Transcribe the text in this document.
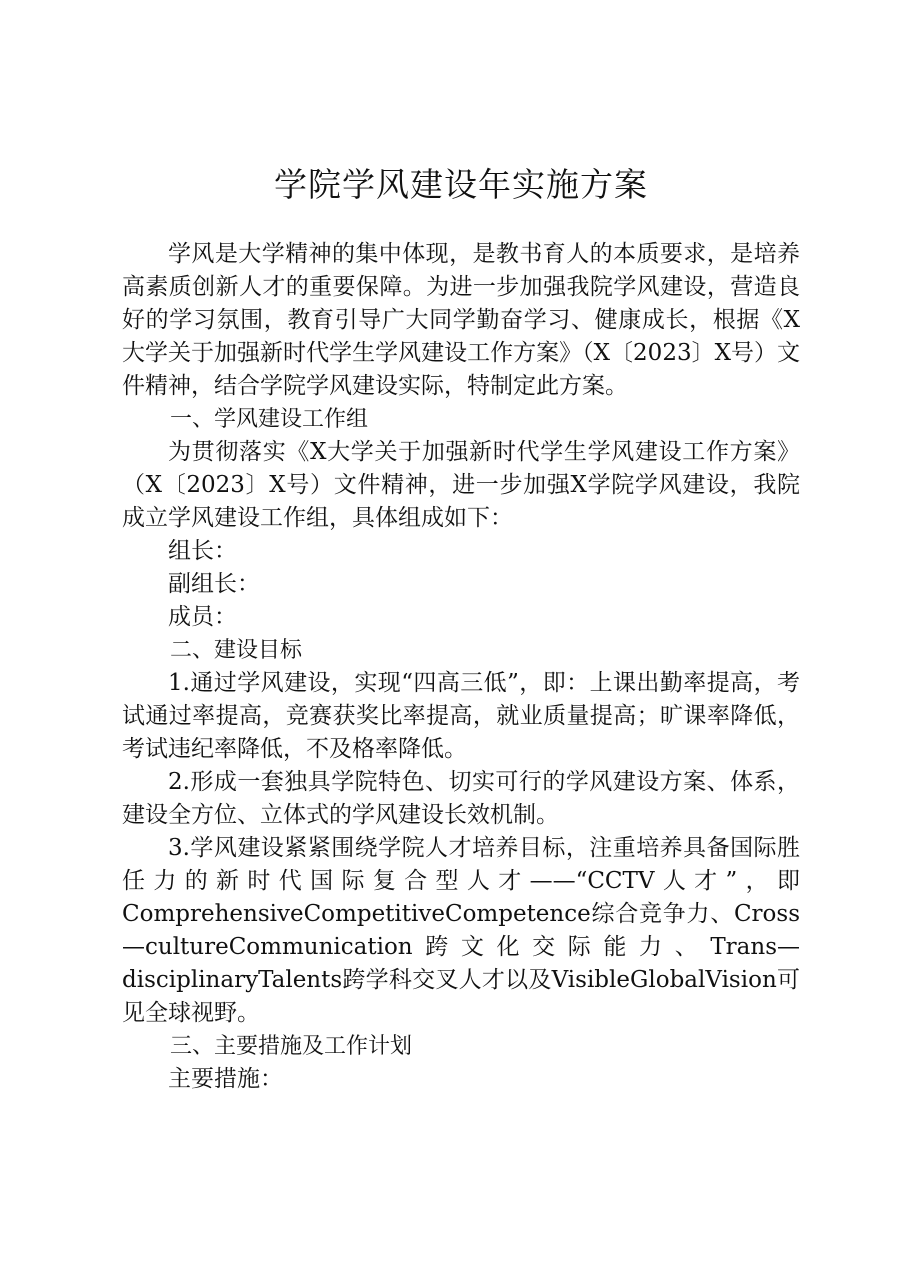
学院学风建设年实施方案

学风是大学精神的集中体现，是教书育人的本质要求，是培养高素质创新人才的重要保障。为进一步加强我院学风建设，营造良好的学习氛围，教育引导广大同学勤奋学习、健康成长，根据《X大学关于加强新时代学生学风建设工作方案》（X〔2023〕X号）文件精神，结合学院学风建设实际，特制定此方案。

一、学风建设工作组

为贯彻落实《X大学关于加强新时代学生学风建设工作方案》（X〔2023〕X号）文件精神，进一步加强X学院学风建设，我院成立学风建设工作组，具体组成如下：

组长：

副组长：

成员：

二、建设目标

1.通过学风建设，实现“四高三低”，即：上课出勤率提高，考试通过率提高，竞赛获奖比率提高，就业质量提高；旷课率降低，考试违纪率降低，不及格率降低。

2.形成一套独具学院特色、切实可行的学风建设方案、体系，建设全方位、立体式的学风建设长效机制。

3.学风建设紧紧围绕学院人才培养目标，注重培养具备国际胜任力的新时代国际复合型人才——“CCTV人才”，即ComprehensiveCompetitiveCompetence综合竞争力、Cross—cultureCommunication跨文化交际能力、Trans—disciplinaryTalents跨学科交叉人才以及VisibleGlobalVision可见全球视野。

三、主要措施及工作计划

主要措施：
